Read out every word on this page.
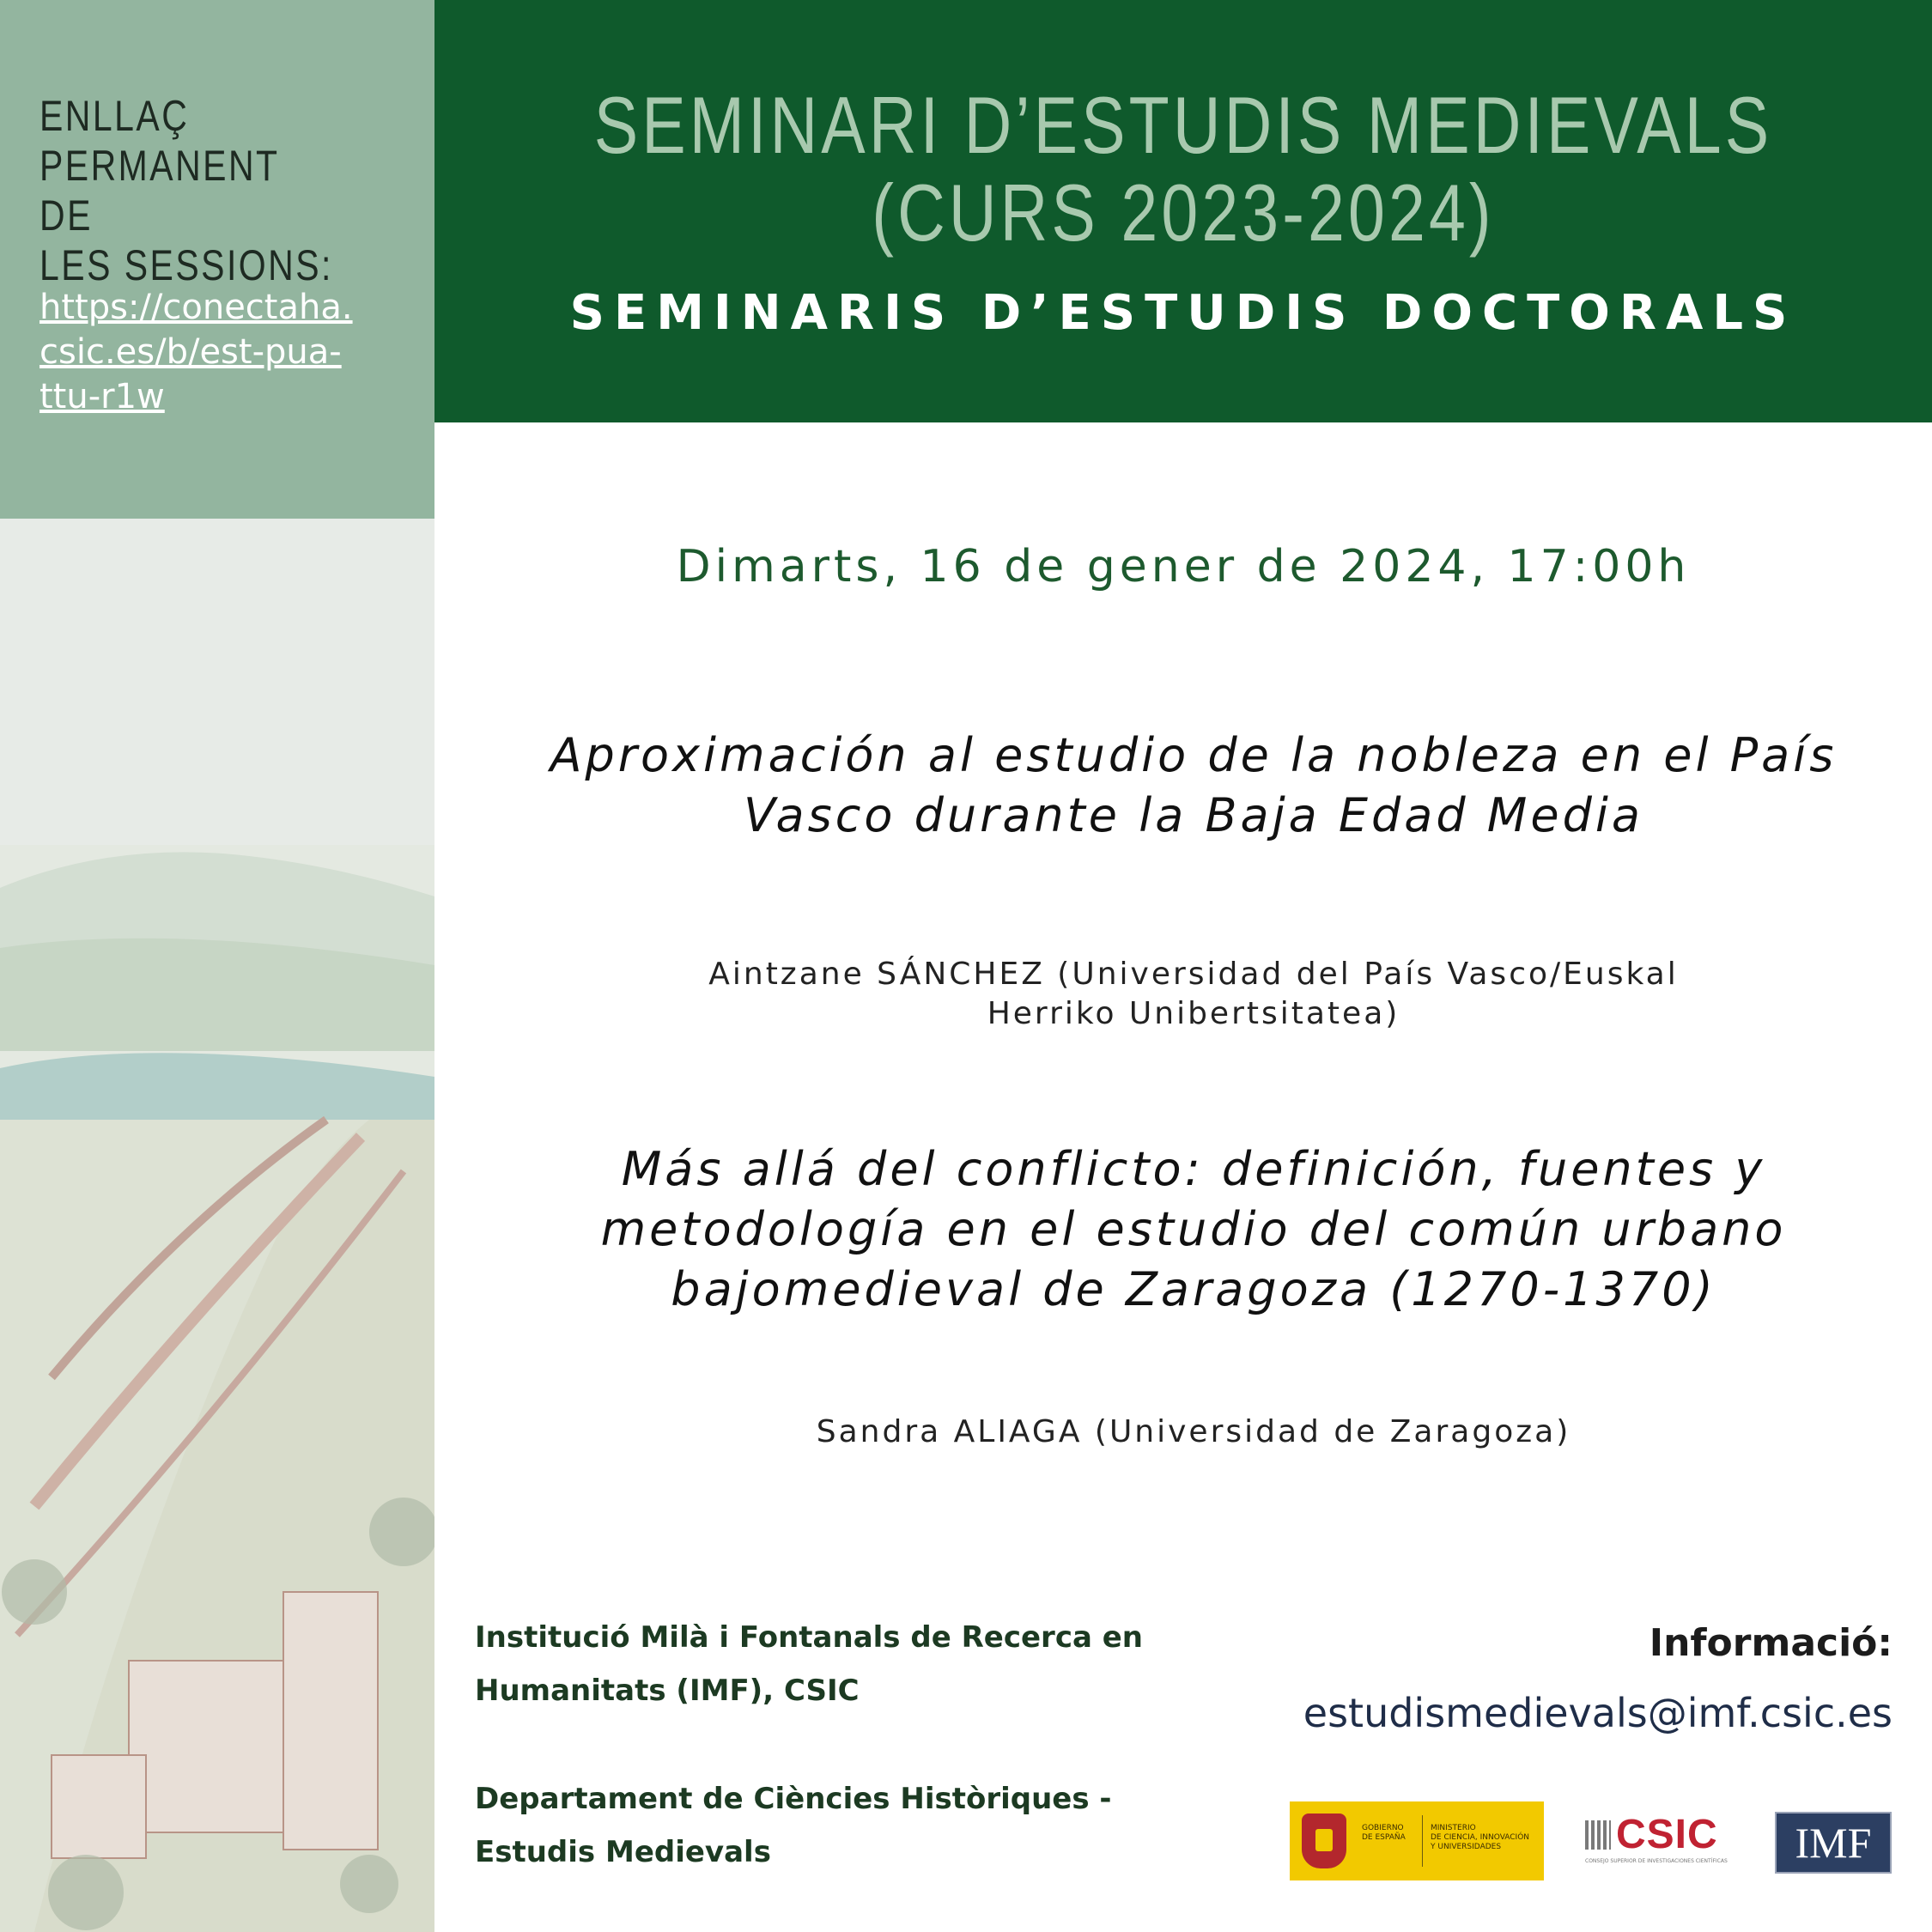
ENLLAÇ
PERMANENT DE
LES SESSIONS:
https://conectaha.
csic.es/b/est-pua-
ttu-r1w
SEMINARI D’ESTUDIS MEDIEVALS
(CURS 2023-2024)
SEMINARIS D’ESTUDIS DOCTORALS
Dimarts, 16 de gener de 2024, 17:00h
Aproximación al estudio de la nobleza en el País
Vasco durante la Baja Edad Media
Aintzane SÁNCHEZ (Universidad del País Vasco/Euskal
Herriko Unibertsitatea)
Más allá del conflicto: definición, fuentes y
metodología en el estudio del común urbano
bajomedieval de Zaragoza (1270-1370)
Sandra ALIAGA (Universidad de Zaragoza)
Institució Milà i Fontanals de Recerca en
Humanitats (IMF), CSIC
Departament de Ciències Històriques -
Estudis Medievals
Informació:
estudismedievals@imf.csic.es
GOBIERNO
DE ESPAÑA
MINISTERIO
DE CIENCIA, INNOVACIÓN
Y UNIVERSIDADES	CSIC
CONSEJO SUPERIOR DE INVESTIGACIONES CIENTÍFICAS	IMF
